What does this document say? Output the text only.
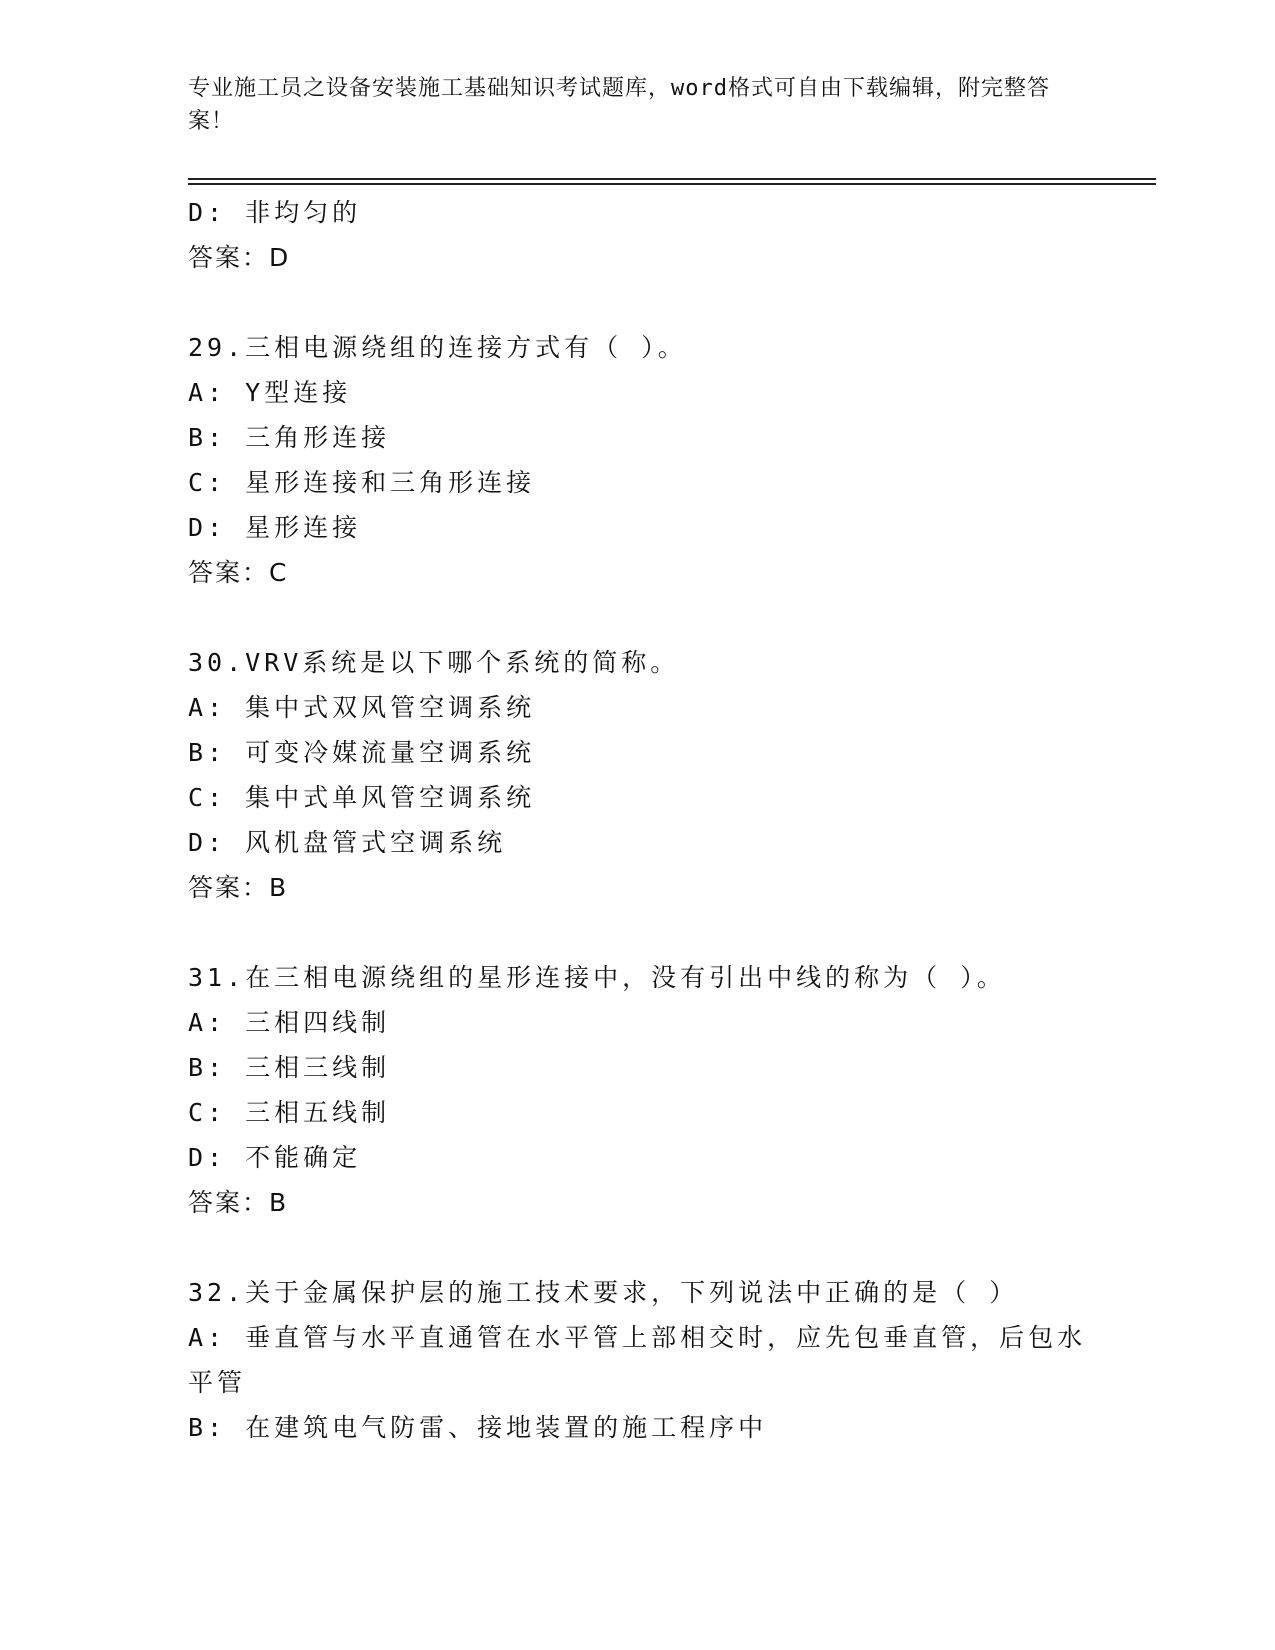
专业施工员之设备安装施工基础知识考试题库，word格式可自由下载编辑，附完整答案！
D: 非均匀的
答案：D
29.三相电源绕组的连接方式有（ ）。
A: Y型连接
B: 三角形连接
C: 星形连接和三角形连接
D: 星形连接
答案：C
30.VRV系统是以下哪个系统的简称。
A: 集中式双风管空调系统
B: 可变冷媒流量空调系统
C: 集中式单风管空调系统
D: 风机盘管式空调系统
答案：B
31.在三相电源绕组的星形连接中，没有引出中线的称为（ ）。
A: 三相四线制
B: 三相三线制
C: 三相五线制
D: 不能确定
答案：B
32.关于金属保护层的施工技术要求，下列说法中正确的是（ ）
A: 垂直管与水平直通管在水平管上部相交时，应先包垂直管，后包水平管
B: 在建筑电气防雷、接地装置的施工程序中
